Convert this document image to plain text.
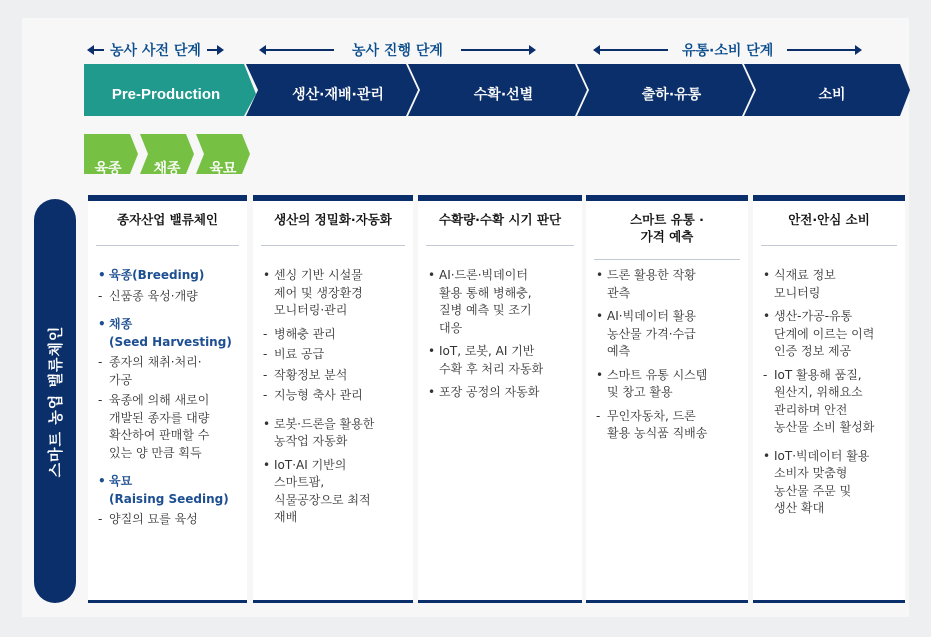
농사 사전 단계	농사 진행 단계	유통·소비 단계
Pre-Production	생산·재배·관리	수확·선별	출하·유통	소비
육종	채종	육묘
스마트 농업 밸류체인
종자산업 밸류체인
• 육종(Breeding)
- 신품종 육성·개량
• 채종
(Seed Harvesting)
- 종자의 채취·처리·
가공
- 육종에 의해 새로이
개발된 종자를 대량
확산하여 판매할 수
있는 양 만큼 획득
• 육묘
(Raising Seeding)
- 양질의 묘를 육성
생산의 정밀화·자동화
• 센싱 기반 시설물
제어 및 생장환경
모니터링·관리
- 병해충 관리
- 비료 공급
- 작황정보 분석
- 지능형 축사 관리
• 로봇·드론을 활용한
농작업 자동화
• IoT·AI 기반의
스마트팜,
식물공장으로 최적
재배
수확량·수확 시기 판단
• AI·드론·빅데이터
활용 통해 병해충,
질병 예측 및 조기
대응
• IoT, 로봇, AI 기반
수확 후 처리 자동화
• 포장 공정의 자동화
스마트 유통 ·
가격 예측
• 드론 활용한 작황
관측
• AI·빅데이터 활용
농산물 가격·수급
예측
• 스마트 유통 시스템
및 창고 활용
- 무인자동차, 드론
활용 농식품 직배송
안전·안심 소비
• 식재료 정보
모니터링
• 생산-가공-유통
단계에 이르는 이력
인증 정보 제공
- IoT 활용해 품질,
원산지, 위해요소
관리하며 안전
농산물 소비 활성화
• IoT·빅데이터 활용
소비자 맞춤형
농산물 주문 및
생산 확대
